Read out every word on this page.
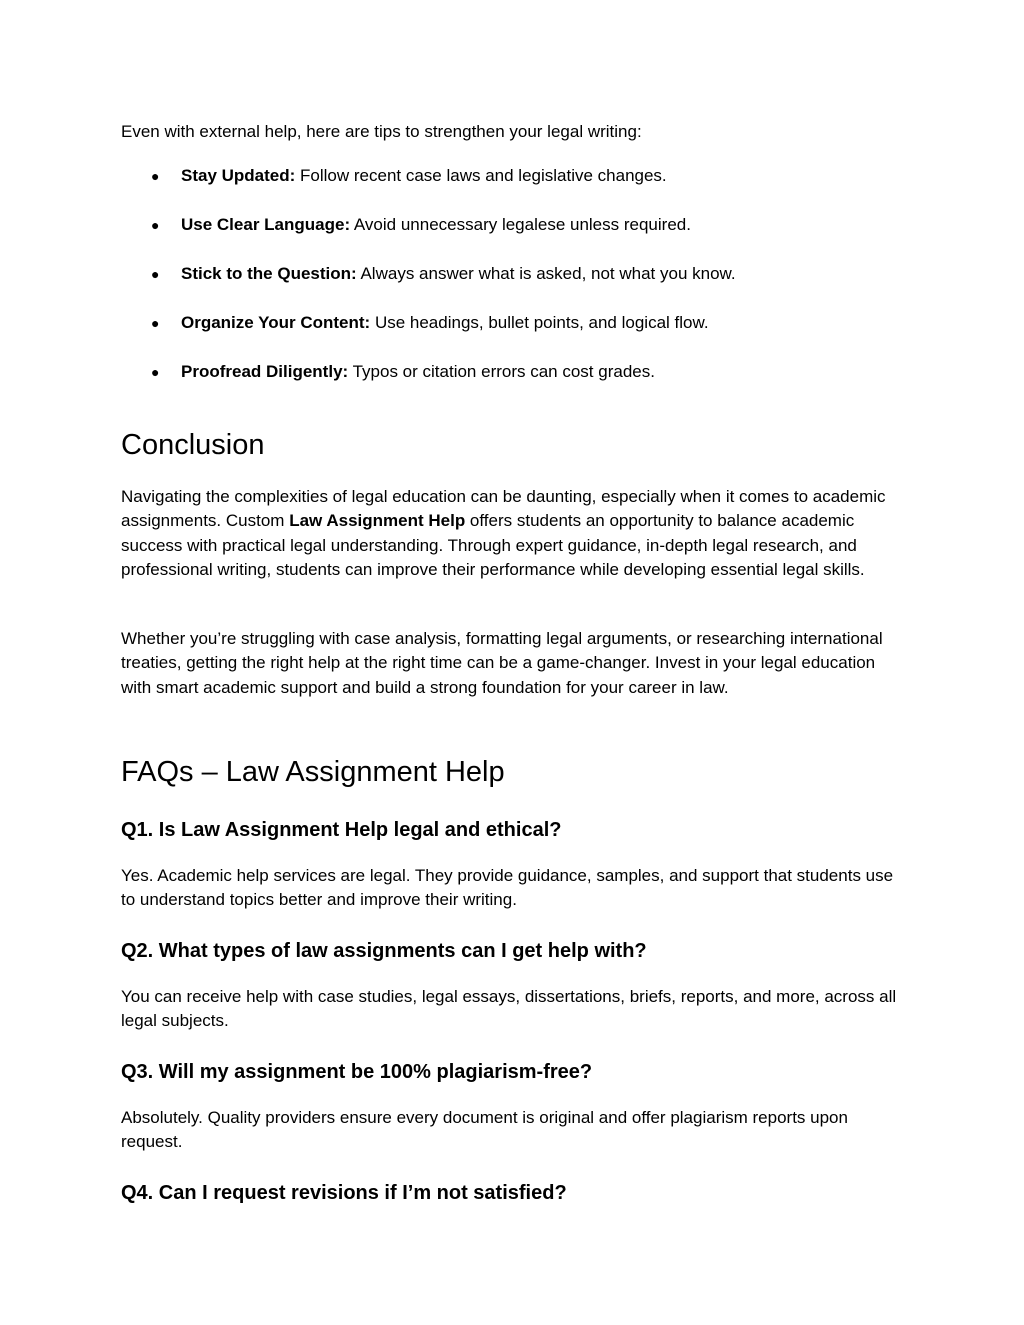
Even with external help, here are tips to strengthen your legal writing:

● Stay Updated: Follow recent case laws and legislative changes.
● Use Clear Language: Avoid unnecessary legalese unless required.
● Stick to the Question: Always answer what is asked, not what you know.
● Organize Your Content: Use headings, bullet points, and logical flow.
● Proofread Diligently: Typos or citation errors can cost grades.
Conclusion

Navigating the complexities of legal education can be daunting, especially when it comes to academic assignments. Custom Law Assignment Help offers students an opportunity to balance academic success with practical legal understanding. Through expert guidance, in-depth legal research, and professional writing, students can improve their performance while developing essential legal skills.

Whether you’re struggling with case analysis, formatting legal arguments, or researching international treaties, getting the right help at the right time can be a game-changer. Invest in your legal education with smart academic support and build a strong foundation for your career in law.

FAQs – Law Assignment Help
Q1. Is Law Assignment Help legal and ethical?

Yes. Academic help services are legal. They provide guidance, samples, and support that students use to understand topics better and improve their writing.

Q2. What types of law assignments can I get help with?

You can receive help with case studies, legal essays, dissertations, briefs, reports, and more, across all legal subjects.

Q3. Will my assignment be 100% plagiarism-free?

Absolutely. Quality providers ensure every document is original and offer plagiarism reports upon request.

Q4. Can I request revisions if I’m not satisfied?
